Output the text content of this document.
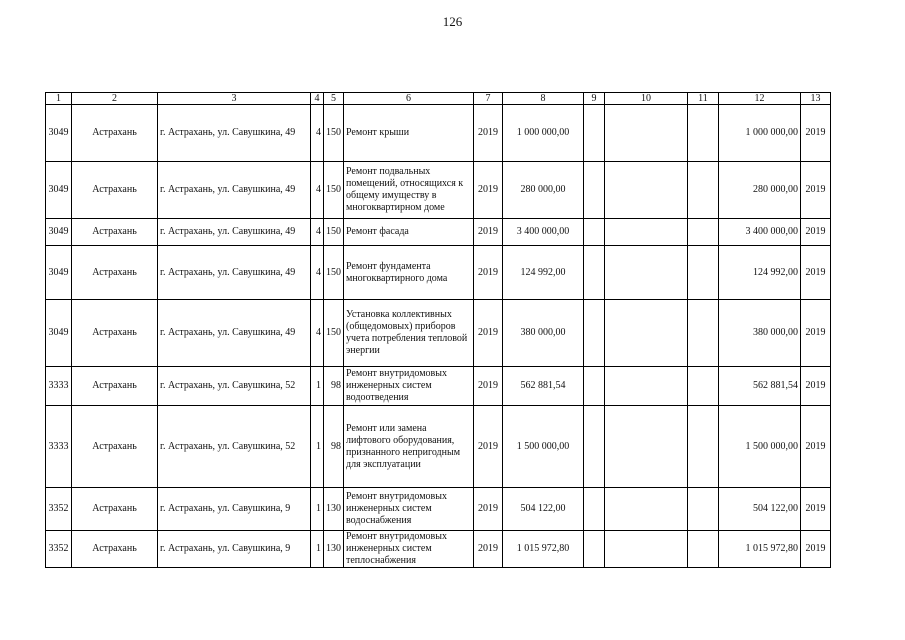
126
1	2	3	4	5	6	7	8	9	10	11	12	13
3049	Астрахань	г. Астрахань, ул. Савушкина, 49	4	150	Ремонт крыши	2019	1 000 000,00				1 000 000,00	2019
3049	Астрахань	г. Астрахань, ул. Савушкина, 49	4	150	Ремонт подвальных помещений, относящихся к общему имуществу в многоквартирном доме	2019	280 000,00				280 000,00	2019
3049	Астрахань	г. Астрахань, ул. Савушкина, 49	4	150	Ремонт фасада	2019	3 400 000,00				3 400 000,00	2019
3049	Астрахань	г. Астрахань, ул. Савушкина, 49	4	150	Ремонт фундамента многоквартирного дома	2019	124 992,00				124 992,00	2019
3049	Астрахань	г. Астрахань, ул. Савушкина, 49	4	150	Установка коллективных (общедомовых) приборов учета потребления тепловой энергии	2019	380 000,00				380 000,00	2019
3333	Астрахань	г. Астрахань, ул. Савушкина, 52	1	98	Ремонт внутридомовых инженерных систем водоотведения	2019	562 881,54				562 881,54	2019
3333	Астрахань	г. Астрахань, ул. Савушкина, 52	1	98	Ремонт или замена лифтового оборудования, признанного непригодным для эксплуатации	2019	1 500 000,00				1 500 000,00	2019
3352	Астрахань	г. Астрахань, ул. Савушкина, 9	1	130	Ремонт внутридомовых инженерных систем водоснабжения	2019	504 122,00				504 122,00	2019
3352	Астрахань	г. Астрахань, ул. Савушкина, 9	1	130	Ремонт внутридомовых инженерных систем теплоснабжения	2019	1 015 972,80				1 015 972,80	2019
